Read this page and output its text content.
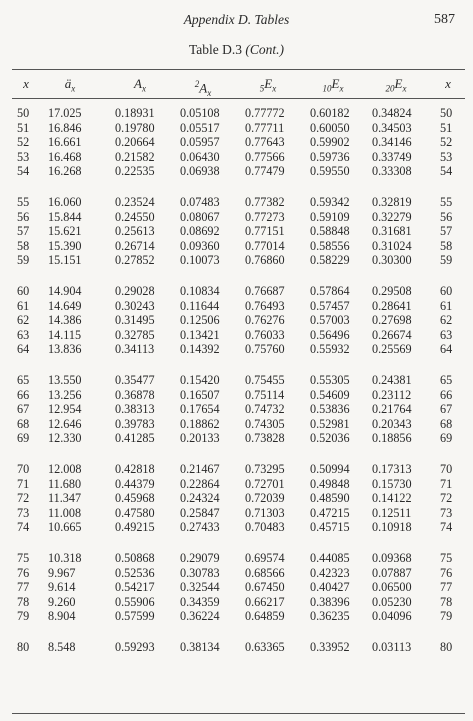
Appendix D. Tables	587
Table D.3 (Cont.)
x	$ä_x$	$A_x$	$^2A_x$	$_5E_x$	$_{10}E_x$	$_{20}E_x$	x
50	17.025	0.18931 0.05108 0.77772 0.60182 0.34824 50
51	16.846	0.19780 0.05517 0.77711 0.60050 0.34503 51
52	16.661	0.20664 0.05957 0.77643 0.59902 0.34146 52
53	16.468	0.21582 0.06430 0.77566 0.59736 0.33749 53
54	16.268	0.22535 0.06938 0.77479 0.59550 0.33308 54
55	16.060	0.23524 0.07483 0.77382 0.59342 0.32819 55
56	15.844	0.24550 0.08067 0.77273 0.59109 0.32279 56
57	15.621	0.25613 0.08692 0.77151 0.58848 0.31681 57
58	15.390	0.26714 0.09360 0.77014 0.58556 0.31024 58
59	15.151	0.27852 0.10073 0.76860 0.58229 0.30300 59
60	14.904	0.29028 0.10834 0.76687 0.57864 0.29508 60
61	14.649	0.30243 0.11644 0.76493 0.57457 0.28641 61
62	14.386	0.31495 0.12506 0.76276 0.57003 0.27698 62
63	14.115	0.32785 0.13421 0.76033 0.56496 0.26674 63
64	13.836	0.34113 0.14392 0.75760 0.55932 0.25569 64
65	13.550	0.35477 0.15420 0.75455 0.55305 0.24381 65
66	13.256	0.36878 0.16507 0.75114 0.54609 0.23112 66
67	12.954	0.38313 0.17654 0.74732 0.53836 0.21764 67
68	12.646	0.39783 0.18862 0.74305 0.52981 0.20343 68
69	12.330	0.41285 0.20133 0.73828 0.52036 0.18856 69
70	12.008	0.42818 0.21467 0.73295 0.50994 0.17313 70
71	11.680	0.44379 0.22864 0.72701 0.49848 0.15730 71
72	11.347	0.45968 0.24324 0.72039 0.48590 0.14122 72
73	11.008	0.47580 0.25847 0.71303 0.47215 0.12511 73
74	10.665	0.49215 0.27433 0.70483 0.45715 0.10918 74
75	10.318	0.50868 0.29079 0.69574 0.44085 0.09368 75
76	9.967	0.52536 0.30783 0.68566 0.42323 0.07887 76
77	9.614	0.54217 0.32544 0.67450 0.40427 0.06500 77
78	9.260	0.55906 0.34359 0.66217 0.38396 0.05230 78
79	8.904	0.57599 0.36224 0.64859 0.36235 0.04096 79
80	8.548	0.59293 0.38134 0.63365 0.33952 0.03113 80
